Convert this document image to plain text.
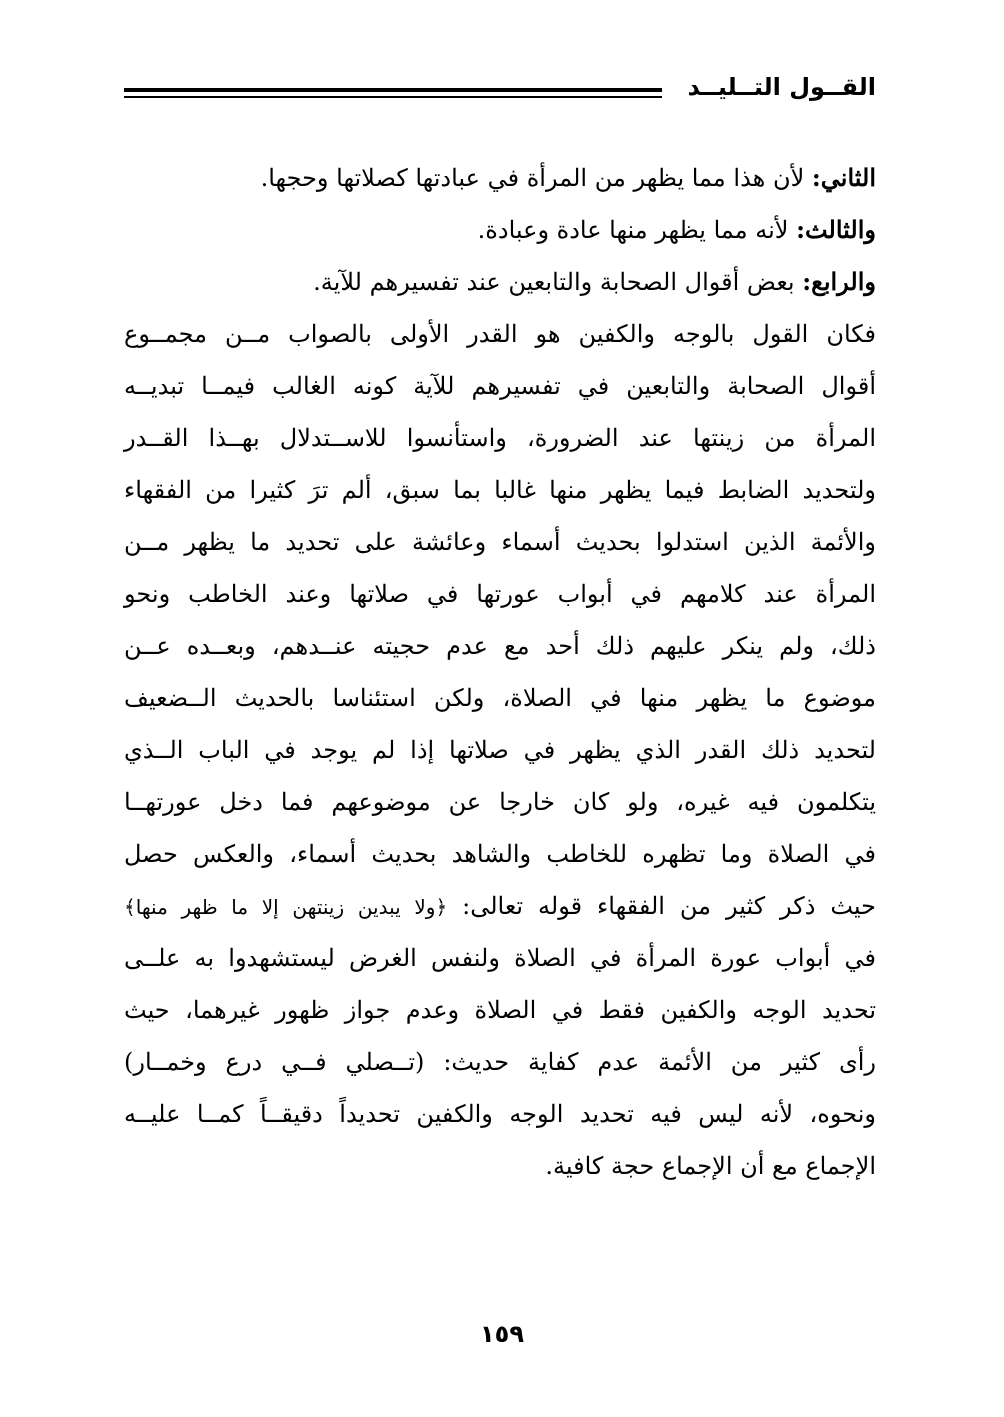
القــول التــليــد
الثاني: لأن هذا مما يظهر من المرأة في عبادتها كصلاتها وحجها.
والثالث: لأنه مما يظهر منها عادة وعبادة.
والرابع: بعض أقوال الصحابة والتابعين عند تفسيرهم للآية.
فكان القول بالوجه والكفين هو القدر الأولى بالصواب مــن مجمــوع
أقوال الصحابة والتابعين في تفسيرهم للآية كونه الغالب فيمــا تبديــه
المرأة من زينتها عند الضرورة، واستأنسوا للاســتدلال بهــذا القــدر
ولتحديد الضابط فيما يظهر منها غالبا بما سبق، ألم ترَ كثيرا من الفقهاء
والأئمة الذين استدلوا بحديث أسماء وعائشة على تحديد ما يظهر مــن
المرأة عند كلامهم في أبواب عورتها في صلاتها وعند الخاطب ونحو
ذلك، ولم ينكر عليهم ذلك أحد مع عدم حجيته عنــدهم، وبعــده عــن
موضوع ما يظهر منها في الصلاة، ولكن استئناسا بالحديث الــضعيف
لتحديد ذلك القدر الذي يظهر في صلاتها إذا لم يوجد في الباب الــذي
يتكلمون فيه غيره، ولو كان خارجا عن موضوعهم فما دخل عورتهــا
في الصلاة وما تظهره للخاطب والشاهد بحديث أسماء، والعكس حصل
حيث ذكر كثير من الفقهاء قوله تعالى: ﴿ولا يبدين زينتهن إلا ما ظهر منها﴾
في أبواب عورة المرأة في الصلاة ولنفس الغرض ليستشهدوا به علــى
تحديد الوجه والكفين فقط في الصلاة وعدم جواز ظهور غيرهما، حيث
رأى كثير من الأئمة عدم كفاية حديث: (تــصلي فــي درع وخمــار)
ونحوه، لأنه ليس فيه تحديد الوجه والكفين تحديداً دقيقــاً كمــا عليــه
الإجماع مع أن الإجماع حجة كافية.
١٥٩
